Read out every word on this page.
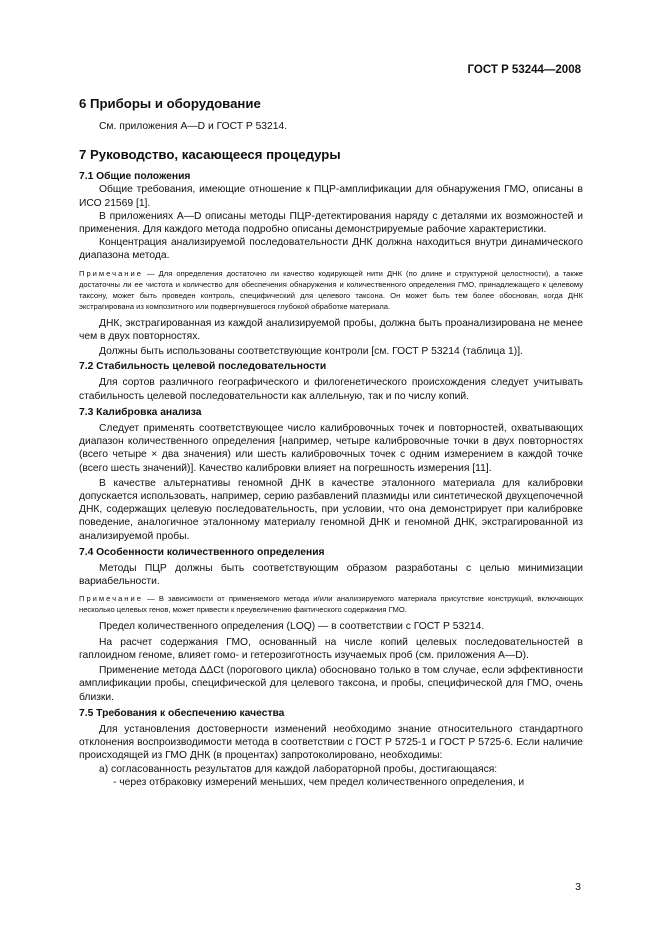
ГОСТ Р 53244—2008
6 Приборы и оборудование

См. приложения A—D и ГОСТ Р 53214.

7 Руководство, касающееся процедуры
7.1 Общие положения

Общие требования, имеющие отношение к ПЦР-амплификации для обнаружения ГМО, описаны в ИСО 21569 [1].

В приложениях A—D описаны методы ПЦР-детектирования наряду с деталями их возможностей и применения. Для каждого метода подробно описаны демонстрируемые рабочие характеристики.

Концентрация анализируемой последовательности ДНК должна находиться внутри динамического диапазона метода.

Примечание — Для определения достаточно ли качество кодирующей нити ДНК (по длине и структурной целостности), а также достаточны ли ее чистота и количество для обеспечения обнаружения и количественного определения ГМО, принадлежащего к целевому таксону, может быть проведен контроль, специфический для целевого таксона. Он может быть тем более обоснован, когда ДНК экстрагирована из композитного или подвергнувшегося глубокой обработке материала.

ДНК, экстрагированная из каждой анализируемой пробы, должна быть проанализирована не менее чем в двух повторностях.

Должны быть использованы соответствующие контроли [см. ГОСТ Р 53214 (таблица 1)].

7.2 Стабильность целевой последовательности

Для сортов различного географического и филогенетического происхождения следует учитывать стабильность целевой последовательности как аллельную, так и по числу копий.

7.3 Калибровка анализа

Следует применять соответствующее число калибровочных точек и повторностей, охватывающих диапазон количественного определения [например, четыре калибровочные точки в двух повторностях (всего четыре × два значения) или шесть калибровочных точек с одним измерением в каждой точке (всего шесть значений)]. Качество калибровки влияет на погрешность измерения [11].

В качестве альтернативы геномной ДНК в качестве эталонного материала для калибровки допускается использовать, например, серию разбавлений плазмиды или синтетической двухцепочечной ДНК, содержащих целевую последовательность, при условии, что она демонстрирует при калибровке поведение, аналогичное эталонному материалу геномной ДНК и геномной ДНК, экстрагированной из анализируемой пробы.

7.4 Особенности количественного определения

Методы ПЦР должны быть соответствующим образом разработаны с целью минимизации вариабельности.

Примечание — В зависимости от применяемого метода и/или анализируемого материала присутствие конструкций, включающих несколько целевых генов, может привести к преувеличению фактического содержания ГМО.

Предел количественного определения (LOQ) — в соответствии с ГОСТ Р 53214.

На расчет содержания ГМО, основанный на числе копий целевых последовательностей в гаплоидном геноме, влияет гомо- и гетерозиготность изучаемых проб (см. приложения A—D).

Применение метода ΔΔCt (порогового цикла) обосновано только в том случае, если эффективности амплификации пробы, специфической для целевого таксона, и пробы, специфической для ГМО, очень близки.

7.5 Требования к обеспечению качества

Для установления достоверности изменений необходимо знание относительного стандартного отклонения воспроизводимости метода в соответствии с ГОСТ Р 5725-1 и ГОСТ Р 5725-6. Если наличие происходящей из ГМО ДНК (в процентах) запротоколировано, необходимы:

а) согласованность результатов для каждой лабораторной пробы, достигающаяся:

- через отбраковку измерений меньших, чем предел количественного определения, и

3
